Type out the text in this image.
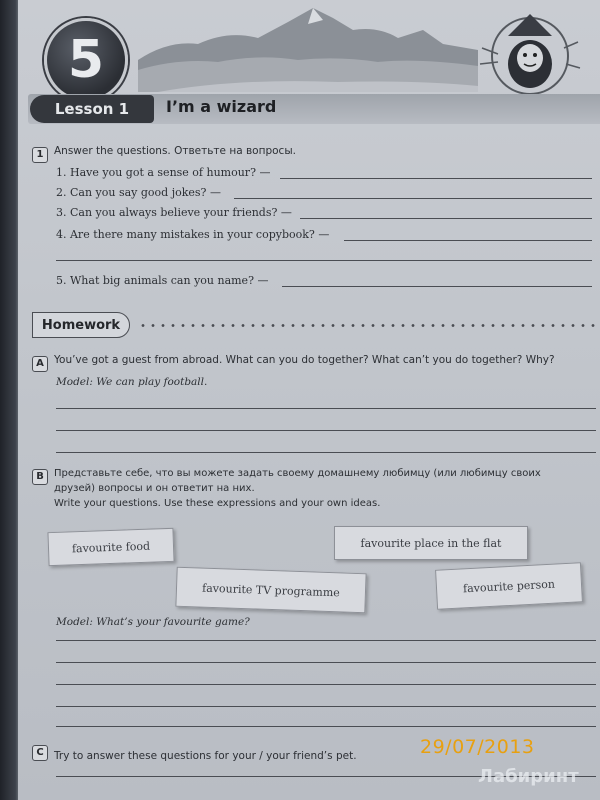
5
Lesson 1	I’m a wizard
1	Answer the questions. Ответьте на вопросы.
1. Have you got a sense of humour? —
2. Can you say good jokes? —
3. Can you always believe your friends? —
4. Are there many mistakes in your copybook? —
5. What big animals can you name? —
Homework
A You’ve got a guest from abroad. What can you do together? What can’t you do together? Why?
Model: We can play football.
B	Представьте себе, что вы можете задать своему домашнему любимцу (или любимцу своих
друзей) вопросы и он ответит на них.
Write your questions. Use these expressions and your own ideas.
favourite food	favourite place in the flat
favourite TV programme	favourite person
Model: What’s your favourite game?
C Try to answer these questions for your / your friend’s pet.	29/07/2013
Лабиринт
